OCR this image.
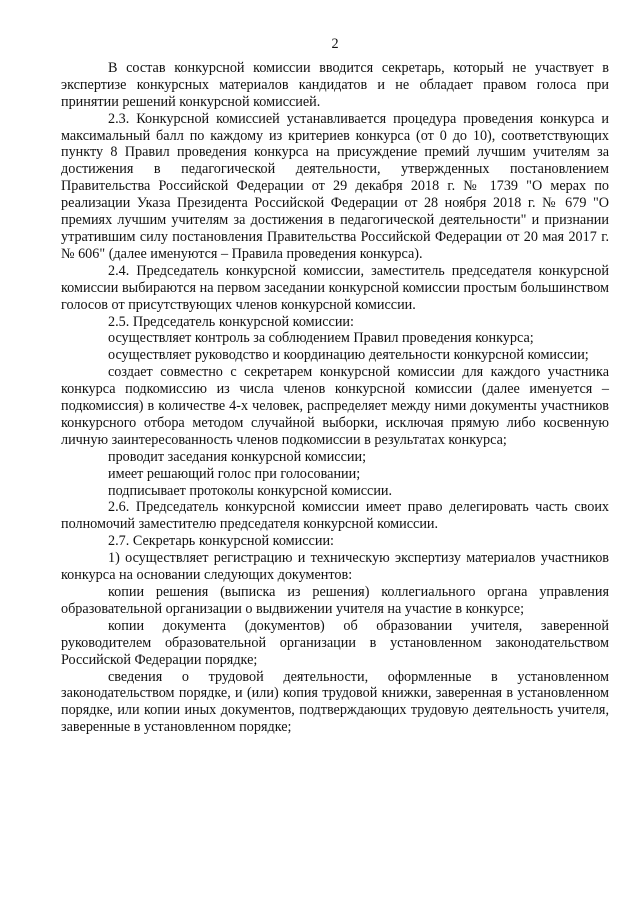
2

В состав конкурсной комиссии вводится секретарь, который не участвует в экспертизе конкурсных материалов кандидатов и не обладает правом голоса при принятии решений конкурсной комиссией.

2.3. Конкурсной комиссией устанавливается процедура проведения конкурса и максимальный балл по каждому из критериев конкурса (от 0 до 10), соответствующих пункту 8 Правил проведения конкурса на присуждение премий лучшим учителям за достижения в педагогической деятельности, утвержденных постановлением Правительства Российской Федерации от 29 декабря 2018 г. № 1739 "О мерах по реализации Указа Президента Российской Федерации от 28 ноября 2018 г. № 679 "О премиях лучшим учителям за достижения в педагогической деятельности" и признании утратившим силу постановления Правительства Российской Федерации от 20 мая 2017 г. № 606" (далее именуются – Правила проведения конкурса).

2.4. Председатель конкурсной комиссии, заместитель председателя конкурсной комиссии выбираются на первом заседании конкурсной комиссии простым большинством голосов от присутствующих членов конкурсной комиссии.

2.5. Председатель конкурсной комиссии:

осуществляет контроль за соблюдением Правил проведения конкурса;

осуществляет руководство и координацию деятельности конкурсной комиссии;

создает совместно с секретарем конкурсной комиссии для каждого участника конкурса подкомиссию из числа членов конкурсной комиссии (далее именуется – подкомиссия) в количестве 4-х человек, распределяет между ними документы участников конкурсного отбора методом случайной выборки, исключая прямую либо косвенную личную заинтересованность членов подкомиссии в результатах конкурса;

проводит заседания конкурсной комиссии;

имеет решающий голос при голосовании;

подписывает протоколы конкурсной комиссии.

2.6. Председатель конкурсной комиссии имеет право делегировать часть своих полномочий заместителю председателя конкурсной комиссии.

2.7. Секретарь конкурсной комиссии:

1) осуществляет регистрацию и техническую экспертизу материалов участников конкурса на основании следующих документов:

копии решения (выписка из решения) коллегиального органа управления образовательной организации о выдвижении учителя на участие в конкурсе;

копии документа (документов) об образовании учителя, заверенной руководителем образовательной организации в установленном законодательством Российской Федерации порядке;

сведения о трудовой деятельности, оформленные в установленном законодательством порядке, и (или) копия трудовой книжки, заверенная в установленном порядке, или копии иных документов, подтверждающих трудовую деятельность учителя, заверенные в установленном порядке;
